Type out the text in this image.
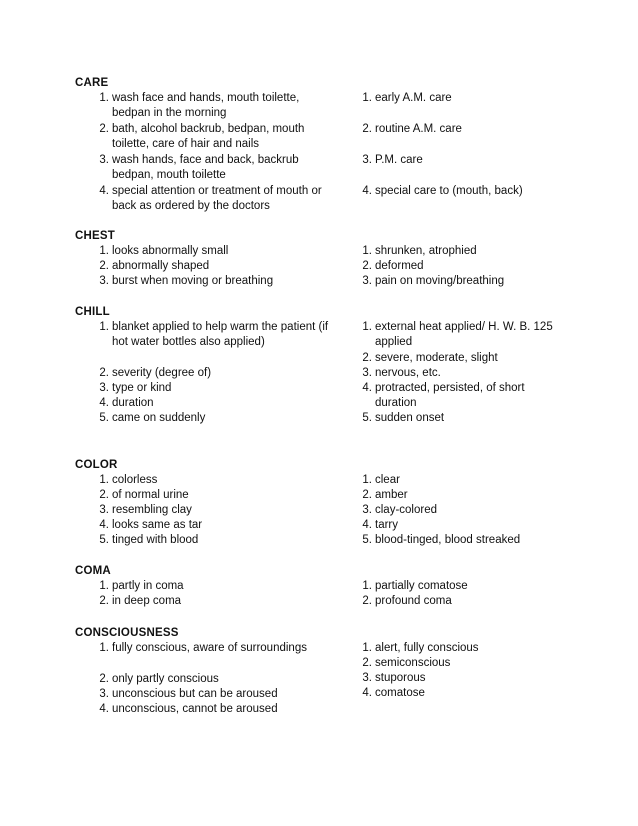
CARE
1. wash face and hands, mouth toilette, bedpan in the morning
2. bath, alcohol backrub, bedpan, mouth toilette, care of hair and nails
3. wash hands, face and back, backrub bedpan, mouth toilette
4. special attention or treatment of mouth or back as ordered by the doctors
1. early A.M. care
2. routine A.M. care
3. P.M. care
4. special care to (mouth, back)
CHEST
1. looks abnormally small
2. abnormally shaped
3. burst when moving or breathing
1. shrunken, atrophied
2. deformed
3. pain on moving/breathing
CHILL
1. blanket applied to help warm the patient (if hot water bottles also applied)
2. severity (degree of)
3. type or kind
4. duration
5. came on suddenly
1. external heat applied/ H. W. B. 125 applied
2. severe, moderate, slight
3. nervous, etc.
4. protracted, persisted, of short duration
5. sudden onset
COLOR
1. colorless
2. of normal urine
3. resembling clay
4. looks same as tar
5. tinged with blood
1. clear
2. amber
3. clay-colored
4. tarry
5. blood-tinged, blood streaked
COMA
1. partly in coma
2. in deep coma
1. partially comatose
2. profound coma
CONSCIOUSNESS
1. fully conscious, aware of surroundings
2. only partly conscious
3. unconscious but can be aroused
4. unconscious, cannot be aroused
1. alert, fully conscious
2. semiconscious
3. stuporous
4. comatose
